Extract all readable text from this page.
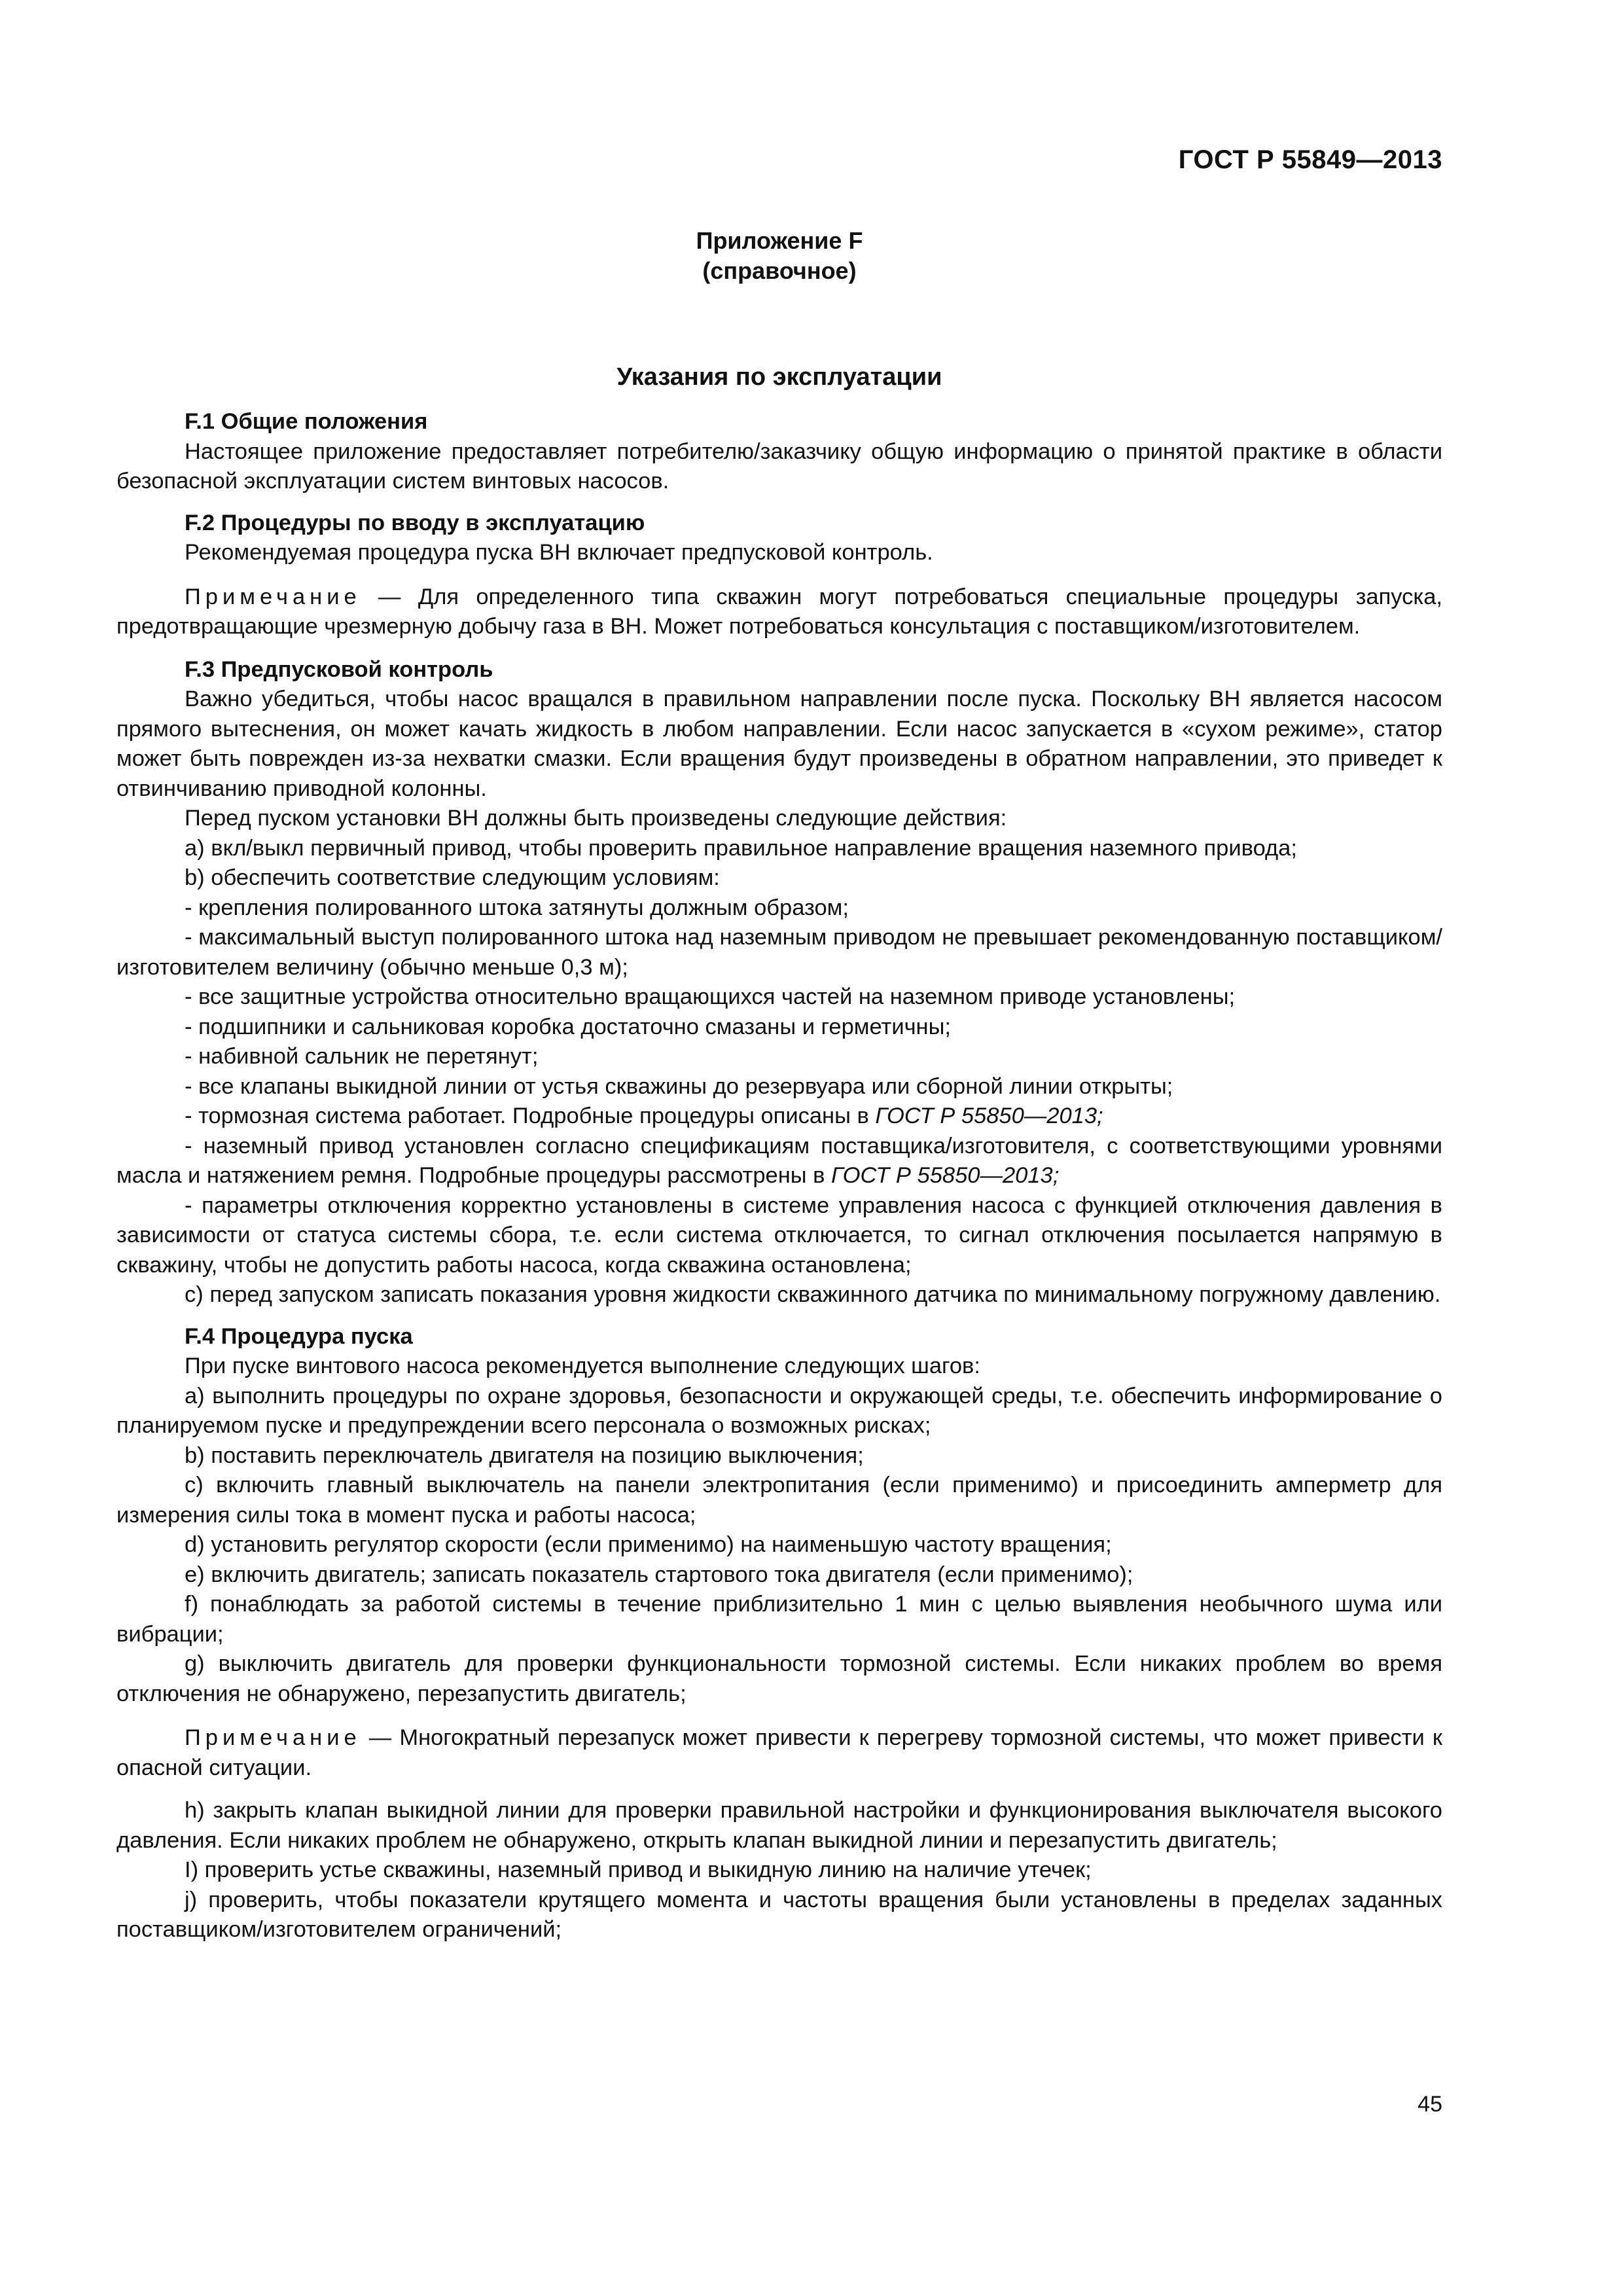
ГОСТ Р 55849—2013
Приложение F
(справочное)
Указания по эксплуатации

F.1 Общие положения

Настоящее приложение предоставляет потребителю/заказчику общую информацию о принятой практике в области безопасной эксплуатации систем винтовых насосов.

F.2 Процедуры по вводу в эксплуатацию

Рекомендуемая процедура пуска ВН включает предпусковой контроль.

Примечание — Для определенного типа скважин могут потребоваться специальные процедуры запуска, предотвращающие чрезмерную добычу газа в ВН. Может потребоваться консультация с поставщиком/изготовителем.

F.3 Предпусковой контроль

Важно убедиться, чтобы насос вращался в правильном направлении после пуска. Поскольку ВН является насосом прямого вытеснения, он может качать жидкость в любом направлении. Если насос запускается в «сухом режиме», статор может быть поврежден из-за нехватки смазки. Если вращения будут произведены в обратном направлении, это приведет к отвинчиванию приводной колонны.

Перед пуском установки ВН должны быть произведены следующие действия:

а) вкл/выкл первичный привод, чтобы проверить правильное направление вращения наземного привода;

b) обеспечить соответствие следующим условиям:

- крепления полированного штока затянуты должным образом;

- максимальный выступ полированного штока над наземным приводом не превышает рекомендованную поставщиком/изготовителем величину (обычно меньше 0,3 м);

- все защитные устройства относительно вращающихся частей на наземном приводе установлены;

- подшипники и сальниковая коробка достаточно смазаны и герметичны;

- набивной сальник не перетянут;

- все клапаны выкидной линии от устья скважины до резервуара или сборной линии открыты;

- тормозная система работает. Подробные процедуры описаны в ГОСТ Р 55850—2013;

- наземный привод установлен согласно спецификациям поставщика/изготовителя, с соответствующими уровнями масла и натяжением ремня. Подробные процедуры рассмотрены в ГОСТ Р 55850—2013;

- параметры отключения корректно установлены в системе управления насоса с функцией отключения давления в зависимости от статуса системы сбора, т.е. если система отключается, то сигнал отключения посылается напрямую в скважину, чтобы не допустить работы насоса, когда скважина остановлена;

с) перед запуском записать показания уровня жидкости скважинного датчика по минимальному погружному давлению.

F.4 Процедура пуска

При пуске винтового насоса рекомендуется выполнение следующих шагов:

а) выполнить процедуры по охране здоровья, безопасности и окружающей среды, т.е. обеспечить информирование о планируемом пуске и предупреждении всего персонала о возможных рисках;

b) поставить переключатель двигателя на позицию выключения;

с) включить главный выключатель на панели электропитания (если применимо) и присоединить амперметр для измерения силы тока в момент пуска и работы насоса;

d) установить регулятор скорости (если применимо) на наименьшую частоту вращения;

е) включить двигатель; записать показатель стартового тока двигателя (если применимо);

f) понаблюдать за работой системы в течение приблизительно 1 мин с целью выявления необычного шума или вибрации;

g) выключить двигатель для проверки функциональности тормозной системы. Если никаких проблем во время отключения не обнаружено, перезапустить двигатель;

Примечание — Многократный перезапуск может привести к перегреву тормозной системы, что может привести к опасной ситуации.

h) закрыть клапан выкидной линии для проверки правильной настройки и функционирования выключателя высокого давления. Если никаких проблем не обнаружено, открыть клапан выкидной линии и перезапустить двигатель;

I) проверить устье скважины, наземный привод и выкидную линию на наличие утечек;

j) проверить, чтобы показатели крутящего момента и частоты вращения были установлены в пределах заданных поставщиком/изготовителем ограничений;

45
